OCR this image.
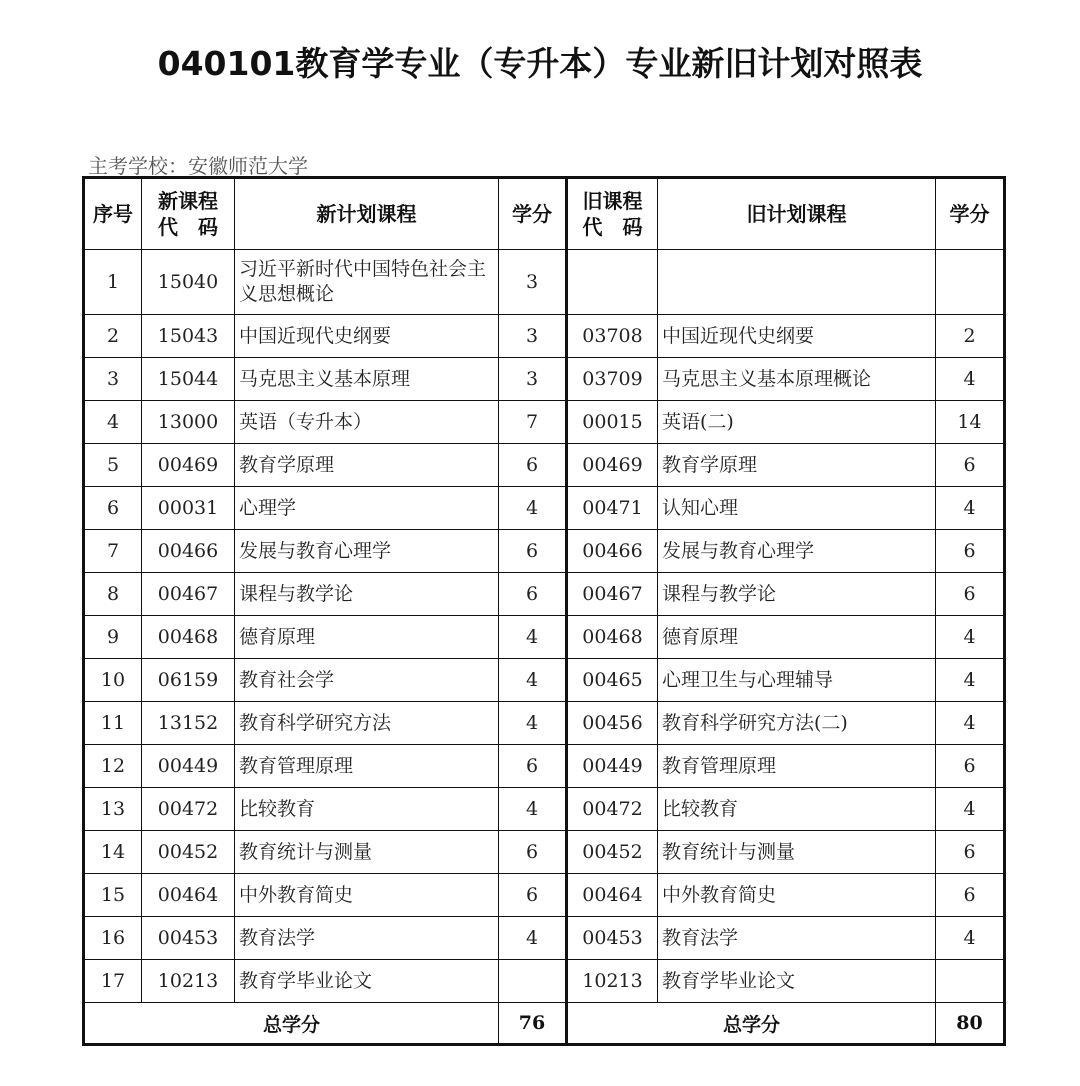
040101教育学专业（专升本）专业新旧计划对照表
主考学校：安徽师范大学
序号	新课程代　码	新计划课程	学分	旧课程代　码	旧计划课程	学分
1	15040	习近平新时代中国特色社会主义思想概论	3			
2	15043	中国近现代史纲要	3	03708	中国近现代史纲要	2
3	15044	马克思主义基本原理	3	03709	马克思主义基本原理概论	4
4	13000	英语（专升本）	7	00015	英语(二)	14
5	00469	教育学原理	6	00469	教育学原理	6
6	00031	心理学	4	00471	认知心理	4
7	00466	发展与教育心理学	6	00466	发展与教育心理学	6
8	00467	课程与教学论	6	00467	课程与教学论	6
9	00468	德育原理	4	00468	德育原理	4
10	06159	教育社会学	4	00465	心理卫生与心理辅导	4
11	13152	教育科学研究方法	4	00456	教育科学研究方法(二)	4
12	00449	教育管理原理	6	00449	教育管理原理	6
13	00472	比较教育	4	00472	比较教育	4
14	00452	教育统计与测量	6	00452	教育统计与测量	6
15	00464	中外教育简史	6	00464	中外教育简史	6
16	00453	教育法学	4	00453	教育法学	4
17	10213	教育学毕业论文		10213	教育学毕业论文	
总学分			76	总学分		80
